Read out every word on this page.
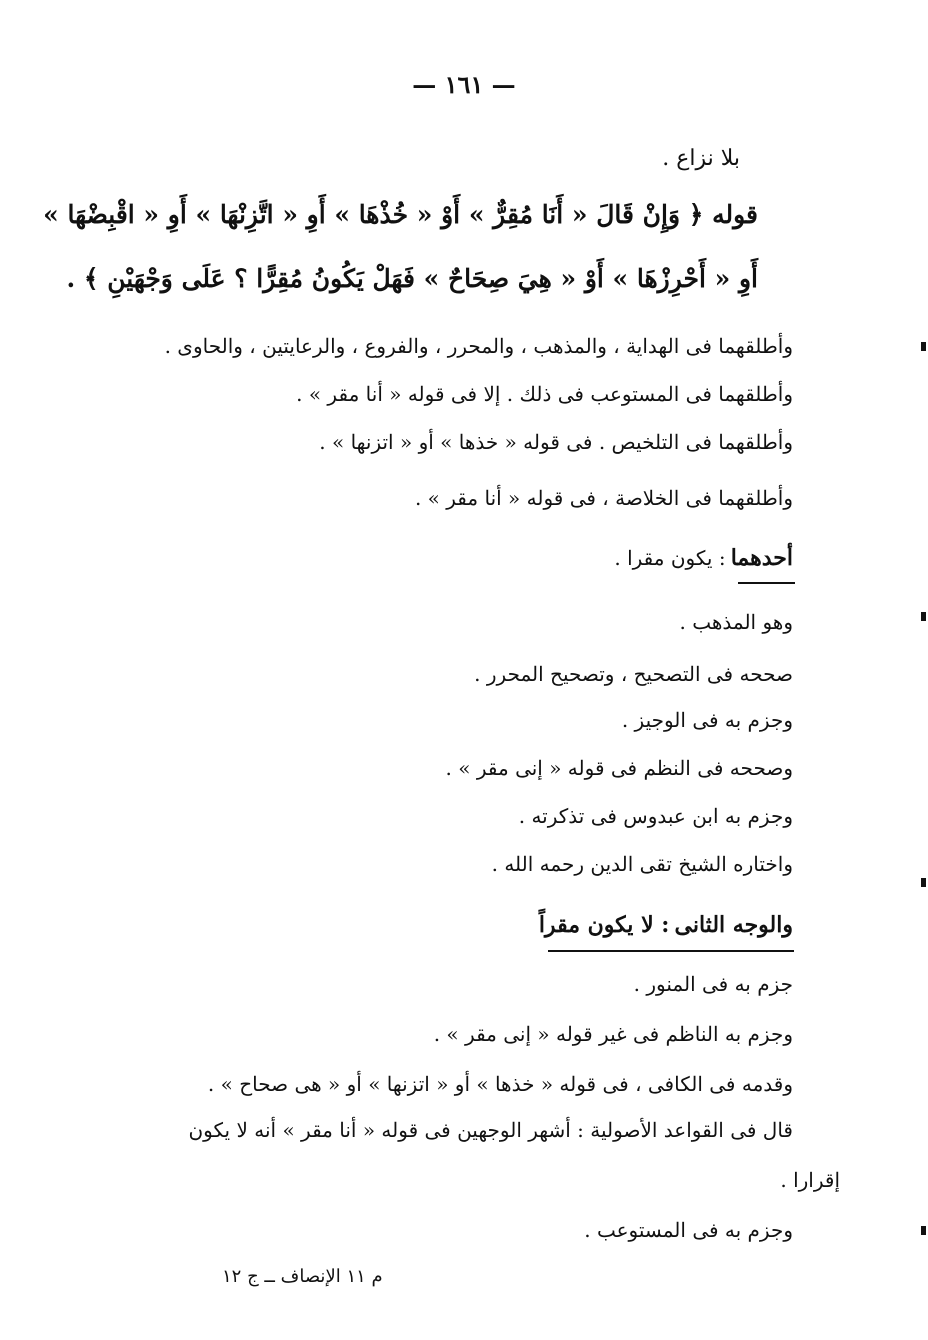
— ١٦١ —
بلا نزاع .
قوله ﴿ وَإِنْ قَالَ « أَنَا مُقِرٌّ » أَوْ « خُذْهَا » أَوِ « اتَّزِنْهَا » أَوِ « اقْبِضْهَا »
أَوِ « أَحْرِزْهَا » أَوْ « هِيَ صِحَاحٌ » فَهَلْ يَكُونُ مُقِرًّا ؟ عَلَى وَجْهَيْنِ ﴾ .
وأطلقهما فى الهداية ، والمذهب ، والمحرر ، والفروع ، والرعايتين ، والحاوى .
وأطلقهما فى المستوعب فى ذلك . إلا فى قوله « أنا مقر » .
وأطلقهما فى التلخيص . فى قوله « خذها » أو « اتزنها » .
وأطلقهما فى الخلاصة ، فى قوله « أنا مقر » .
أحدهما : يكون مقرا .
وهو المذهب .
صححه فى التصحيح ، وتصحيح المحرر .
وجزم به فى الوجيز .
وصححه فى النظم فى قوله « إنى مقر » .
وجزم به ابن عبدوس فى تذكرته .
واختاره الشيخ تقى الدين رحمه الله .
والوجه الثانى : لا يكون مقراً
جزم به فى المنور .
وجزم به الناظم فى غير قوله « إنى مقر » .
وقدمه فى الكافى ، فى قوله « خذها » أو « اتزنها » أو « هى صحاح » .
قال فى القواعد الأصولية : أشهر الوجهين فى قوله « أنا مقر » أنه لا يكون
إقرارا .
وجزم به فى المستوعب .
م ١١ الإنصاف ــ ج ١٢
